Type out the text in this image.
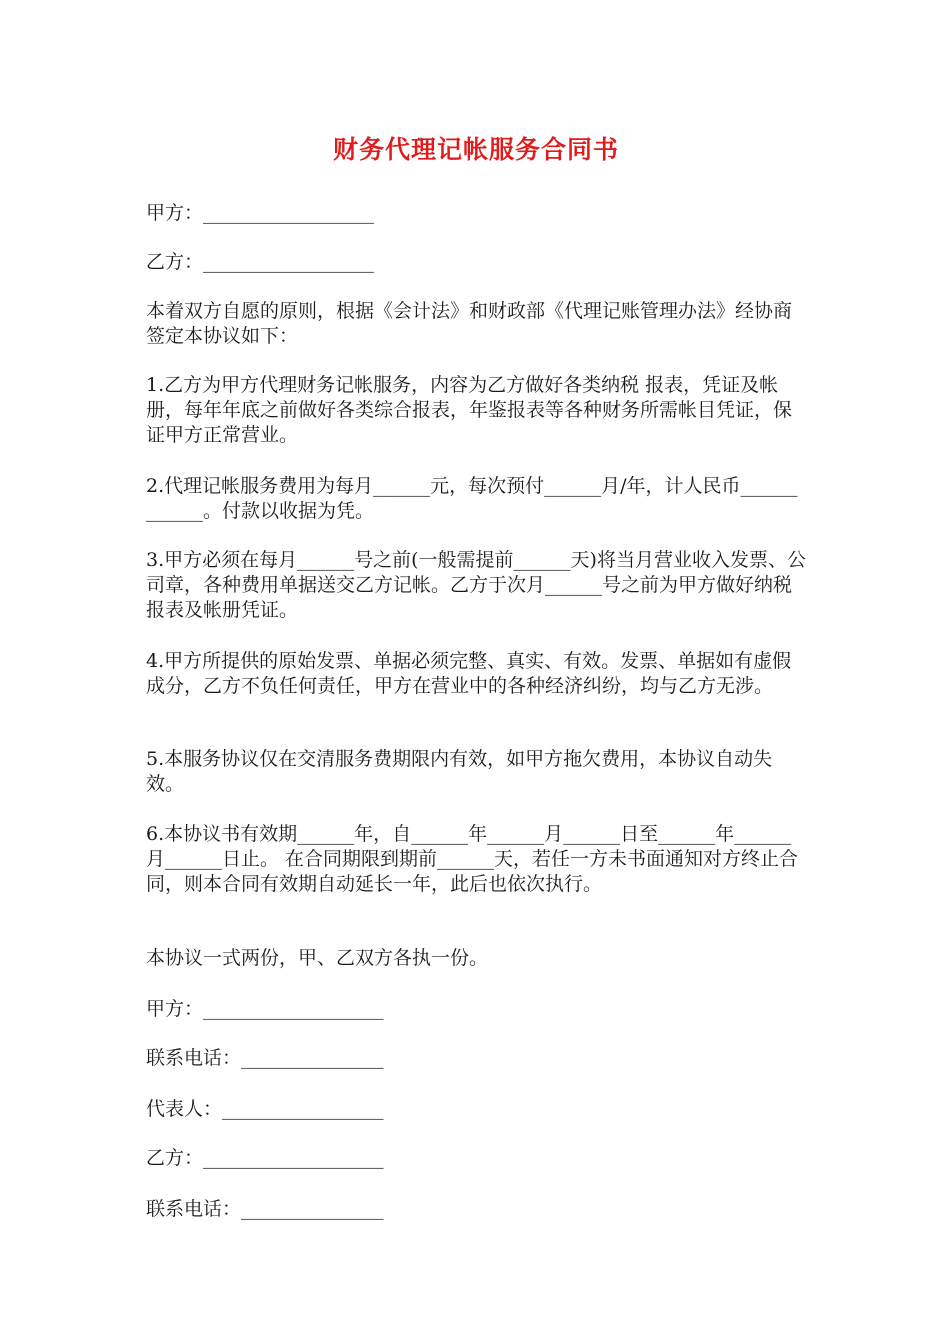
财务代理记帐服务合同书

甲方：__________________

乙方：__________________

本着双方自愿的原则，根据《会计法》和财政部《代理记账管理办法》经协商签定本协议如下：

1.乙方为甲方代理财务记帐服务，内容为乙方做好各类纳税 报表，凭证及帐册，每年年底之前做好各类综合报表，年鉴报表等各种财务所需帐目凭证，保证甲方正常营业。

2.代理记帐服务费用为每月______元，每次预付______月/年，计人民币____________。付款以收据为凭。

3.甲方必须在每月______号之前(一般需提前______天)将当月营业收入发票、公司章，各种费用单据送交乙方记帐。乙方于次月______号之前为甲方做好纳税报表及帐册凭证。

4.甲方所提供的原始发票、单据必须完整、真实、有效。发票、单据如有虚假成分，乙方不负任何责任，甲方在营业中的各种经济纠纷，均与乙方无涉。

5.本服务协议仅在交清服务费期限内有效，如甲方拖欠费用，本协议自动失效。

6.本协议书有效期______年，自______年______月______日至______年______月______日止。 在合同期限到期前______天，若任一方未书面通知对方终止合同，则本合同有效期自动延长一年，此后也依次执行。

本协议一式两份，甲、乙双方各执一份。

甲方：___________________

联系电话：_______________

代表人：_________________

乙方：___________________

联系电话：_______________
